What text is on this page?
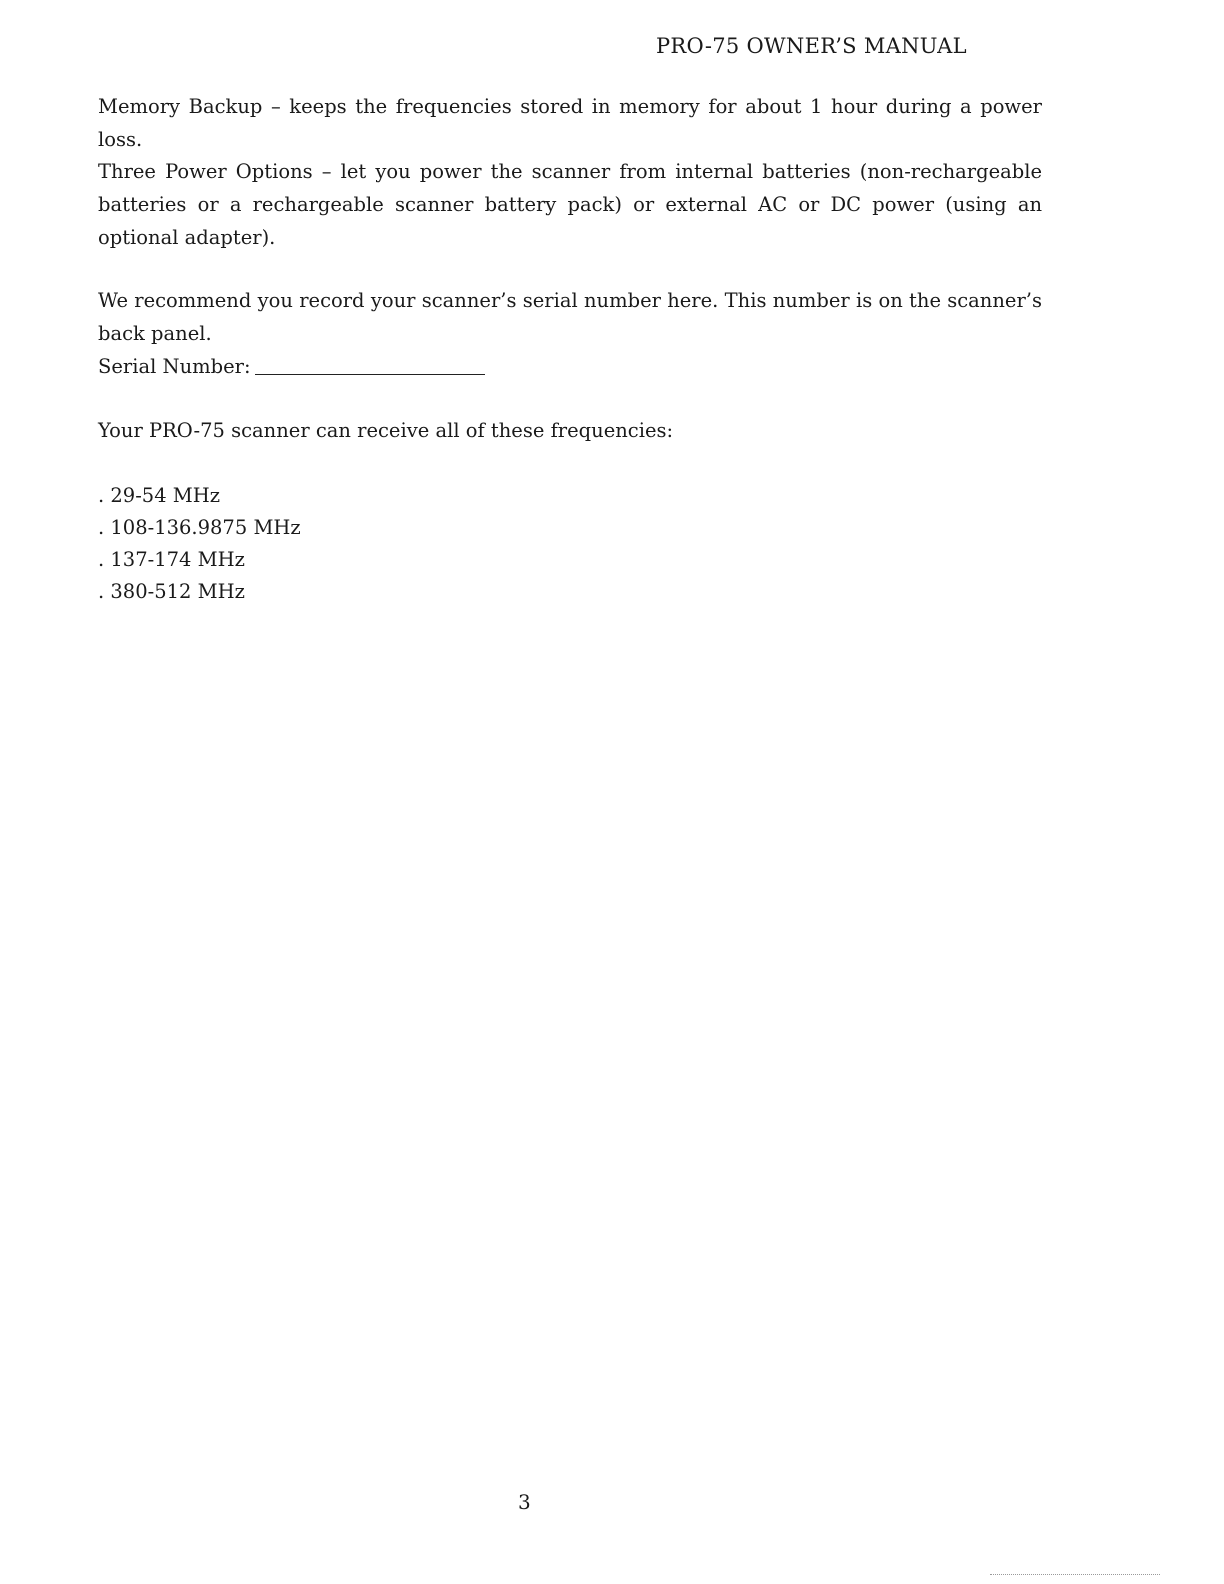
PRO-75 OWNER’S MANUAL

Memory Backup – keeps the frequencies stored in memory for about 1 hour during a power loss.

Three Power Options – let you power the scanner from internal batteries (non-rechargeable batteries or a rechargeable scanner battery pack) or external AC or DC power (using an optional adapter).

We recommend you record your scanner’s serial number here. This number is on the scanner’s back panel.

Serial Number:

Your PRO-75 scanner can receive all of these frequencies:

. 29-54 MHz
. 108-136.9875 MHz
. 137-174 MHz
. 380-512 MHz
3
